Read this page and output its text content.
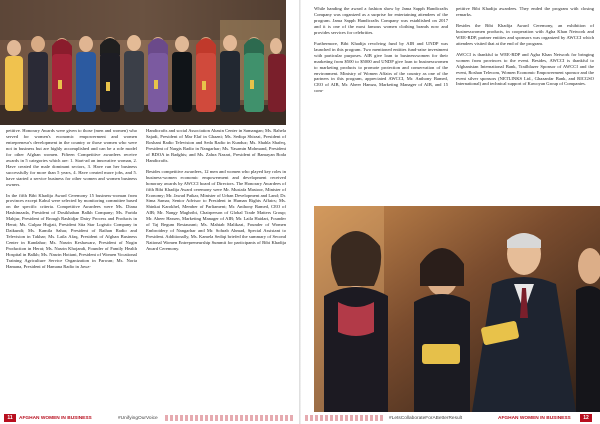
petitive. Honorary Awards were given to those (men and women) who served for women's economic empowerment and women entrepreneur's development in the country or those women who were not in business but are highly accomplished and can be a role model for other Afghan women. Fifteen Competitive awardees receive awards in 5 categories which are: 1. Start-ad an innovative woman, 2. Have created the male dominant sectors, 3. Have run her business successfully for more than 5 years, 4. Have created more jobs, and 5. have started a service business for other women and women business owners.

In the fifth Bibi Khadija Award Ceremony 15 business-woman from provinces except Kabul were selected by monitoring committee based on the specific criteria. Competitive Awardees were Ms. Diana Hashimzada, President of Dosikhaban Balkh Company; Ms. Farida Mahjur, President of Brough Rashidjar Dairy Process and Products in Herat; Ms. Gulpar Hujjati, President Sita Star Logistic Company in Daikundi; Ms. Kamila Sahar, President of Raihan Radio and Television in Takhar; Ms. Laila Afaq, President of Afghan Business Center in Kandahar; Ms. Nasrin Keshawarz, President of Nogin Production in Herat; Ms. Nasrin Khojandi, Founder of Family Health Hospital in Balkh; Ms. Nasrin Hotiani, President of Women Vocational Training Agriculture Service Organization in Parwan; Ms. Noria Hamana, President of Hamana Radio in Jawz-

Handicrafts and social Association Abasin Center in Samangan; Ms. Rahela Sajadi, President of Mar Elaf in Ghazni; Ms. Sediqa Shirzai, President of Roshani Radio Television and Seda Radio in Kunduz; Ms. Shahla Shafeq, President of Nargis Radio in Nangarhar; Ms. Yasamin Mohmand, President of BDOA in Badghis; and Ms. Zahra Nazari, President of Bamayan Boda Handicrafts.

Besides competitive awardees, 12 men and women who played key roles in business-women economic empowerment and development received honorary awards by AWCCI board of Directors. The Honorary Awardees of fifth Bibi Khadija Award ceremony were Mr. Mustafa Mastoor, Minister of Economy; Mr. Jawad Paikar, Minister of Urban Development and Land; Dr. Sima Samar, Senior Advisor to President in Human Rights Affairs; Ms. Shinkai Karokhel, Member of Parliament; Mr. Anthony Bamed, CEO of AIB; Mr. Nangy Maghribi, Chairperson of Global Trade Matters Group; Mr. Abeer Hassen, Marketing Manager of AIB; Mr. Laila Haidari, Founder of Taj Begum Restaurant; Ms. Mahtab Malikzai, Founder of Women Embroidery of Nangarhar and Mr. Sohrab Ahmad, Special Assistant to President. Additionally, Ms. Kamela Sediqi briefed the summary of Second National Women Entrepreneurship Summit for participants of Bibi Khadija Award Ceremony.

11	AFGHAN WOMEN IN BUSINESS	#UnifyingOurVoice

While handing the award a fashion show by Jama Sapph Handicrafts Company was organized as a surprise for entertaining attendees of the program. Jama Sapph Handicrafts Company was established on 2017 and it is one of the most famous women clothing brands now and provides services for celebrities.

Furthermore, Bibi Khadija revolving fund by AIB and UNDP was launched in this program. Two mentioned entities fund-raise investment with particular purposes. AIB give loan to businesswomen for their marketing from $500 to $5000 and UNDP give loan to businesswomen to marketing products to promote protection and conservation of the environment. Ministry of Women Affairs of the country as one of the partners in this program, appreciated AWCCI, Mr. Anthony Bamed, CEO of AIB, Mr. Abeer Hamza, Marketing Manager of AIB, and 15 com-

petitive Bibi Khadija awardees. They ended the program with closing remarks.

Besides the Bibi Khadija Award Ceremony, an exhibition of businesswomen products, in cooperation with Agha Khan Network and WEE-RDP, partner entities and sponsors was organized by AWCCI which attendees visited that at the end of the program.

AWCCI is thankful to WEE-RDP and Agha Khan Network for bringing women from provinces to the event. Besides, AWCCI is thankful to Afghanistan International Bank, Trailblazer Sponsor of AWCCI and the event, Roshan Telecom, Women Economic Empowerment sponsor and the event silver sponsors (NETLINKS Ltd., Ghazanfar Bank, and RICGSO International) and technical support of Kawoyan Group of Companies.

#LetsCollaborateForABetterResult	AFGHAN WOMEN IN BUSINESS	12
